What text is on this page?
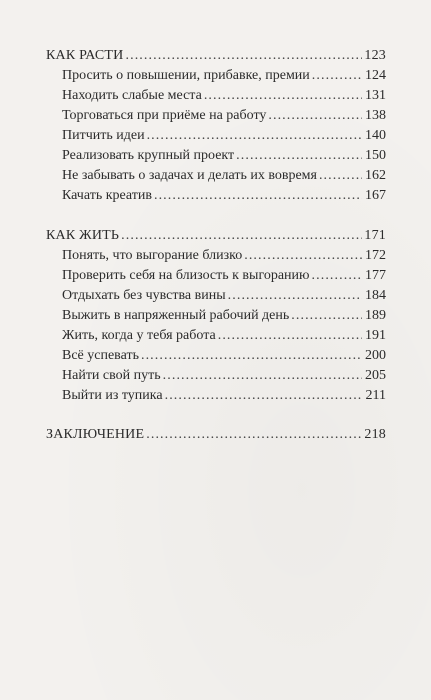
КАК РАСТИ . . .	123
Просить о повышении, прибавке, премии . . .	124
Находить слабые места . . .	131
Торговаться при приёме на работу . . .	138
Питчить идеи . . .	140
Реализовать крупный проект . . .	150
Не забывать о задачах и делать их вовремя . . .	162
Качать креатив . . .	167
КАК ЖИТЬ . . .	171
Понять, что выгорание близко . . .	172
Проверить себя на близость к выгоранию . . .	177
Отдыхать без чувства вины . . .	184
Выжить в напряженный рабочий день . . .	189
Жить, когда у тебя работа . . .	191
Всё успевать . . .	200
Найти свой путь . . .	205
Выйти из тупика . . .	211
ЗАКЛЮЧЕНИЕ . . .	218
